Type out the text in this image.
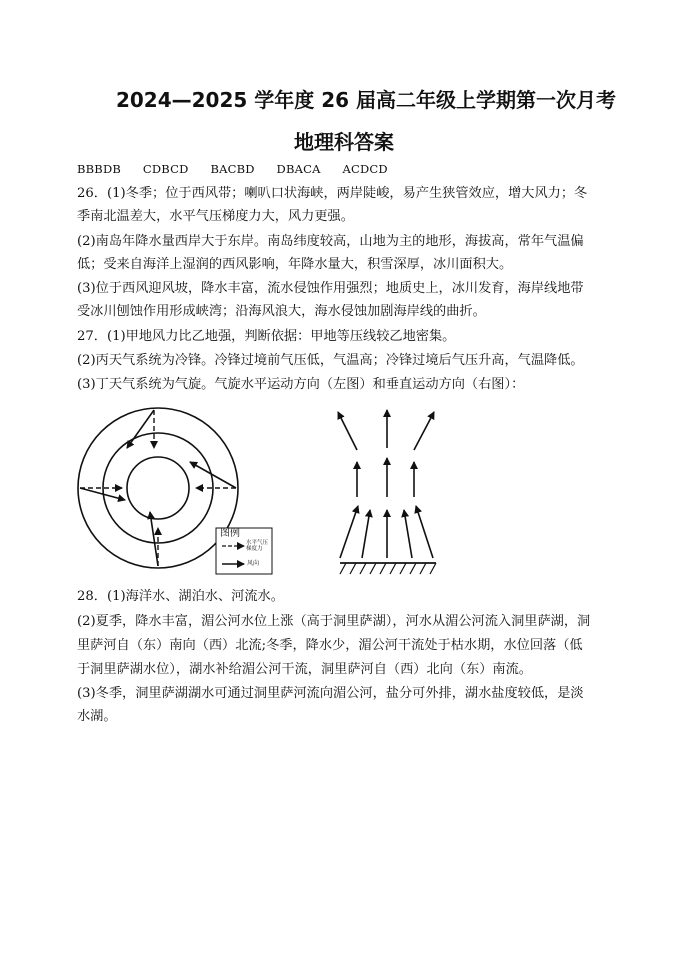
2024—2025 学年度 26 届高二年级上学期第一次月考
地理科答案
BBBDB CDBCD BACBD DBACA ACDCD
26．(1)冬季；位于西风带；喇叭口状海峡，两岸陡峻，易产生狭管效应，增大风力；冬
季南北温差大，水平气压梯度力大，风力更强。
(2)南岛年降水量西岸大于东岸。南岛纬度较高，山地为主的地形，海拔高，常年气温偏
低；受来自海洋上湿润的西风影响，年降水量大，积雪深厚，冰川面积大。
(3)位于西风迎风坡，降水丰富，流水侵蚀作用强烈；地质史上，冰川发育，海岸线地带
受冰川刨蚀作用形成峡湾；沿海风浪大，海水侵蚀加剧海岸线的曲折。
27．(1)甲地风力比乙地强，判断依据：甲地等压线较乙地密集。
(2)丙天气系统为冷锋。冷锋过境前气压低，气温高；冷锋过境后气压升高，气温降低。
(3)丁天气系统为气旋。气旋水平运动方向（左图）和垂直运动方向（右图）：
图例
水平气压梯度力
风向
28．(1)海洋水、湖泊水、河流水。
(2)夏季，降水丰富，湄公河水位上涨（高于洞里萨湖），河水从湄公河流入洞里萨湖，洞
里萨河自（东）南向（西）北流;冬季，降水少，湄公河干流处于枯水期，水位回落（低
于洞里萨湖水位），湖水补给湄公河干流，洞里萨河自（西）北向（东）南流。
(3)冬季，洞里萨湖湖水可通过洞里萨河流向湄公河，盐分可外排，湖水盐度较低，是淡
水湖。
